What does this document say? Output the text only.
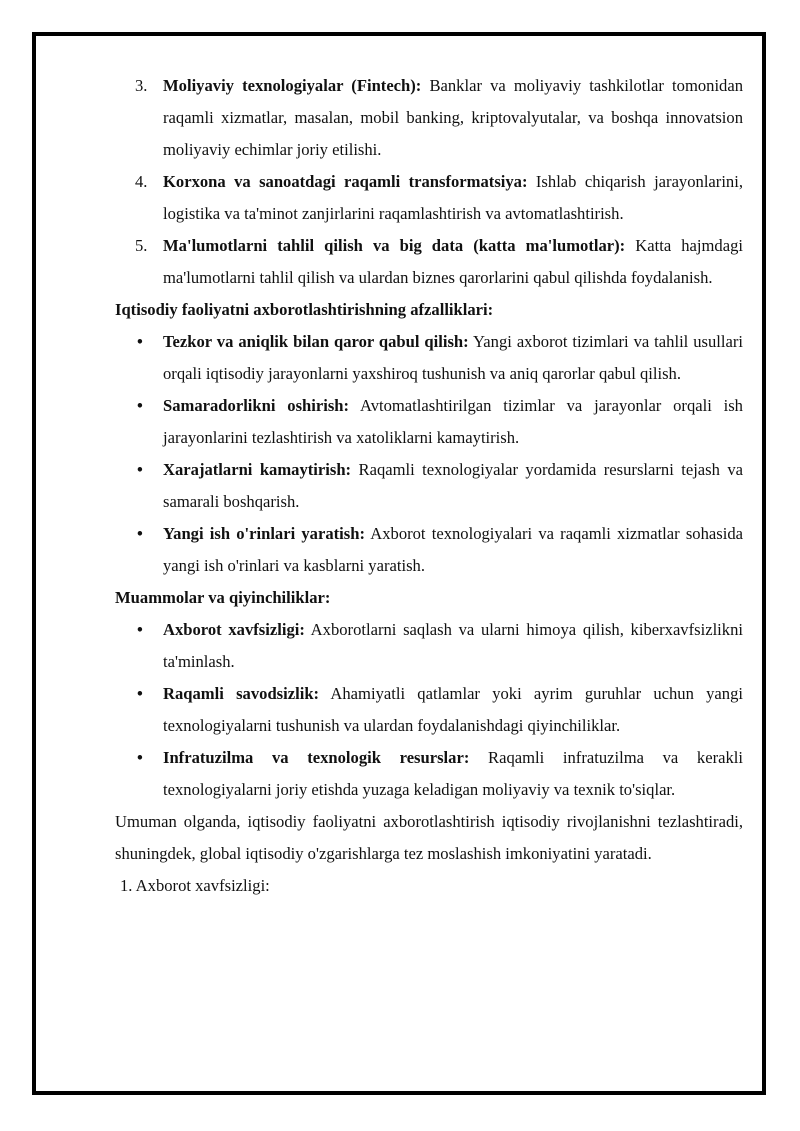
3. Moliyaviy texnologiyalar (Fintech): Banklar va moliyaviy tashkilotlar tomonidan raqamli xizmatlar, masalan, mobil banking, kriptovalyutalar, va boshqa innovatsion moliyaviy echimlar joriy etilishi.
4. Korxona va sanoatdagi raqamli transformatsiya: Ishlab chiqarish jarayonlarini, logistika va ta'minot zanjirlarini raqamlashtirish va avtomatlashtirish.
5. Ma'lumotlarni tahlil qilish va big data (katta ma'lumotlar): Katta hajmdagi ma'lumotlarni tahlil qilish va ulardan biznes qarorlarini qabul qilishda foydalanish.
Iqtisodiy faoliyatni axborotlashtirishning afzalliklari:
• Tezkor va aniqlik bilan qaror qabul qilish: Yangi axborot tizimlari va tahlil usullari orqali iqtisodiy jarayonlarni yaxshiroq tushunish va aniq qarorlar qabul qilish.
• Samaradorlikni oshirish: Avtomatlashtirilgan tizimlar va jarayonlar orqali ish jarayonlarini tezlashtirish va xatoliklarni kamaytirish.
• Xarajatlarni kamaytirish: Raqamli texnologiyalar yordamida resurslarni tejash va samarali boshqarish.
• Yangi ish o'rinlari yaratish: Axborot texnologiyalari va raqamli xizmatlar sohasida yangi ish o'rinlari va kasblarni yaratish.
Muammolar va qiyinchiliklar:
• Axborot xavfsizligi: Axborotlarni saqlash va ularni himoya qilish, kiberxavfsizlikni ta'minlash.
• Raqamli savodsizlik: Ahamiyatli qatlamlar yoki ayrim guruhlar uchun yangi texnologiyalarni tushunish va ulardan foydalanishdagi qiyinchiliklar.
• Infratuzilma va texnologik resurslar: Raqamli infratuzilma va kerakli texnologiyalarni joriy etishda yuzaga keladigan moliyaviy va texnik to'siqlar.
Umuman olganda, iqtisodiy faoliyatni axborotlashtirish iqtisodiy rivojlanishni tezlashtiradi, shuningdek, global iqtisodiy o'zgarishlarga tez moslashish imkoniyatini yaratadi.
1. Axborot xavfsizligi:
